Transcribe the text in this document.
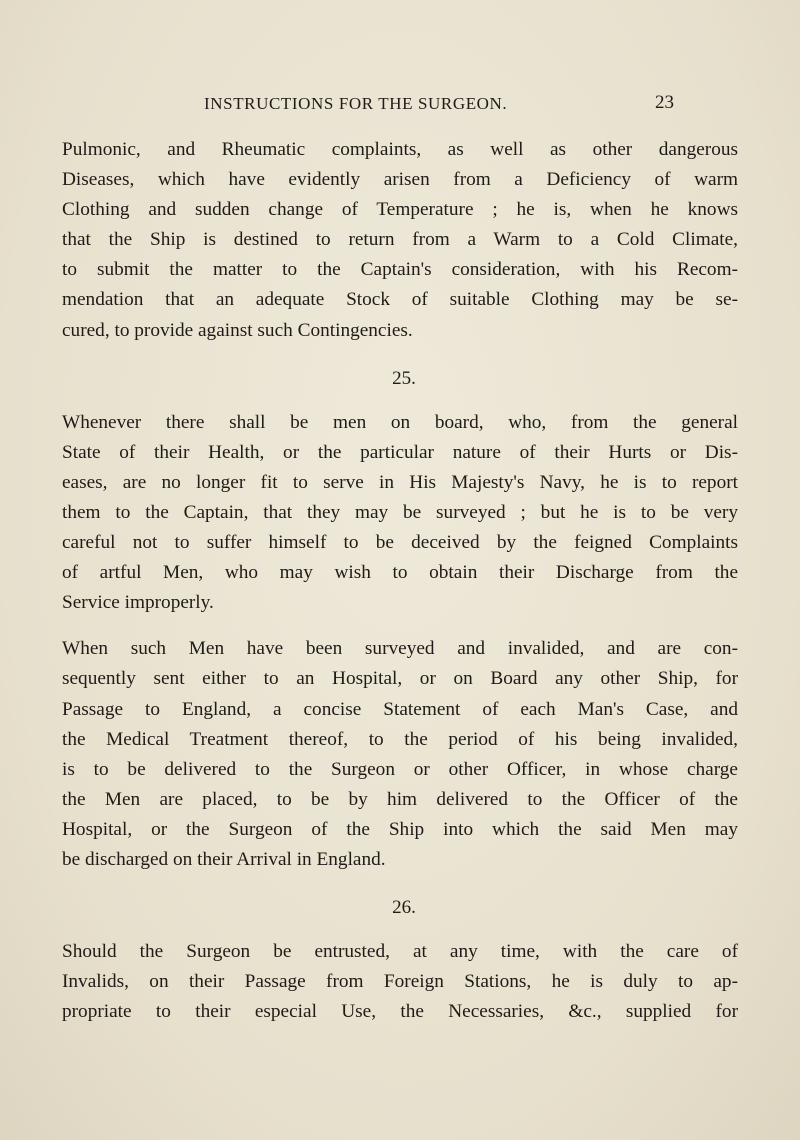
INSTRUCTIONS FOR THE SURGEON.	23

Pulmonic, and Rheumatic complaints, as well as other dangerous
Diseases, which have evidently arisen from a Deficiency of warm
Clothing and sudden change of Temperature ; he is, when he knows
that the Ship is destined to return from a Warm to a Cold Climate,
to submit the matter to the Captain's consideration, with his Recom-
mendation that an adequate Stock of suitable Clothing may be se-
cured, to provide against such Contingencies.

25.

Whenever there shall be men on board, who, from the general
State of their Health, or the particular nature of their Hurts or Dis-
eases, are no longer fit to serve in His Majesty's Navy, he is to report
them to the Captain, that they may be surveyed ; but he is to be very
careful not to suffer himself to be deceived by the feigned Complaints
of artful Men, who may wish to obtain their Discharge from the
Service improperly.

When such Men have been surveyed and invalided, and are con-
sequently sent either to an Hospital, or on Board any other Ship, for
Passage to England, a concise Statement of each Man's Case, and
the Medical Treatment thereof, to the period of his being invalided,
is to be delivered to the Surgeon or other Officer, in whose charge
the Men are placed, to be by him delivered to the Officer of the
Hospital, or the Surgeon of the Ship into which the said Men may
be discharged on their Arrival in England.

26.

Should the Surgeon be entrusted, at any time, with the care of
Invalids, on their Passage from Foreign Stations, he is duly to ap-
propriate to their especial Use, the Necessaries, &c., supplied for
